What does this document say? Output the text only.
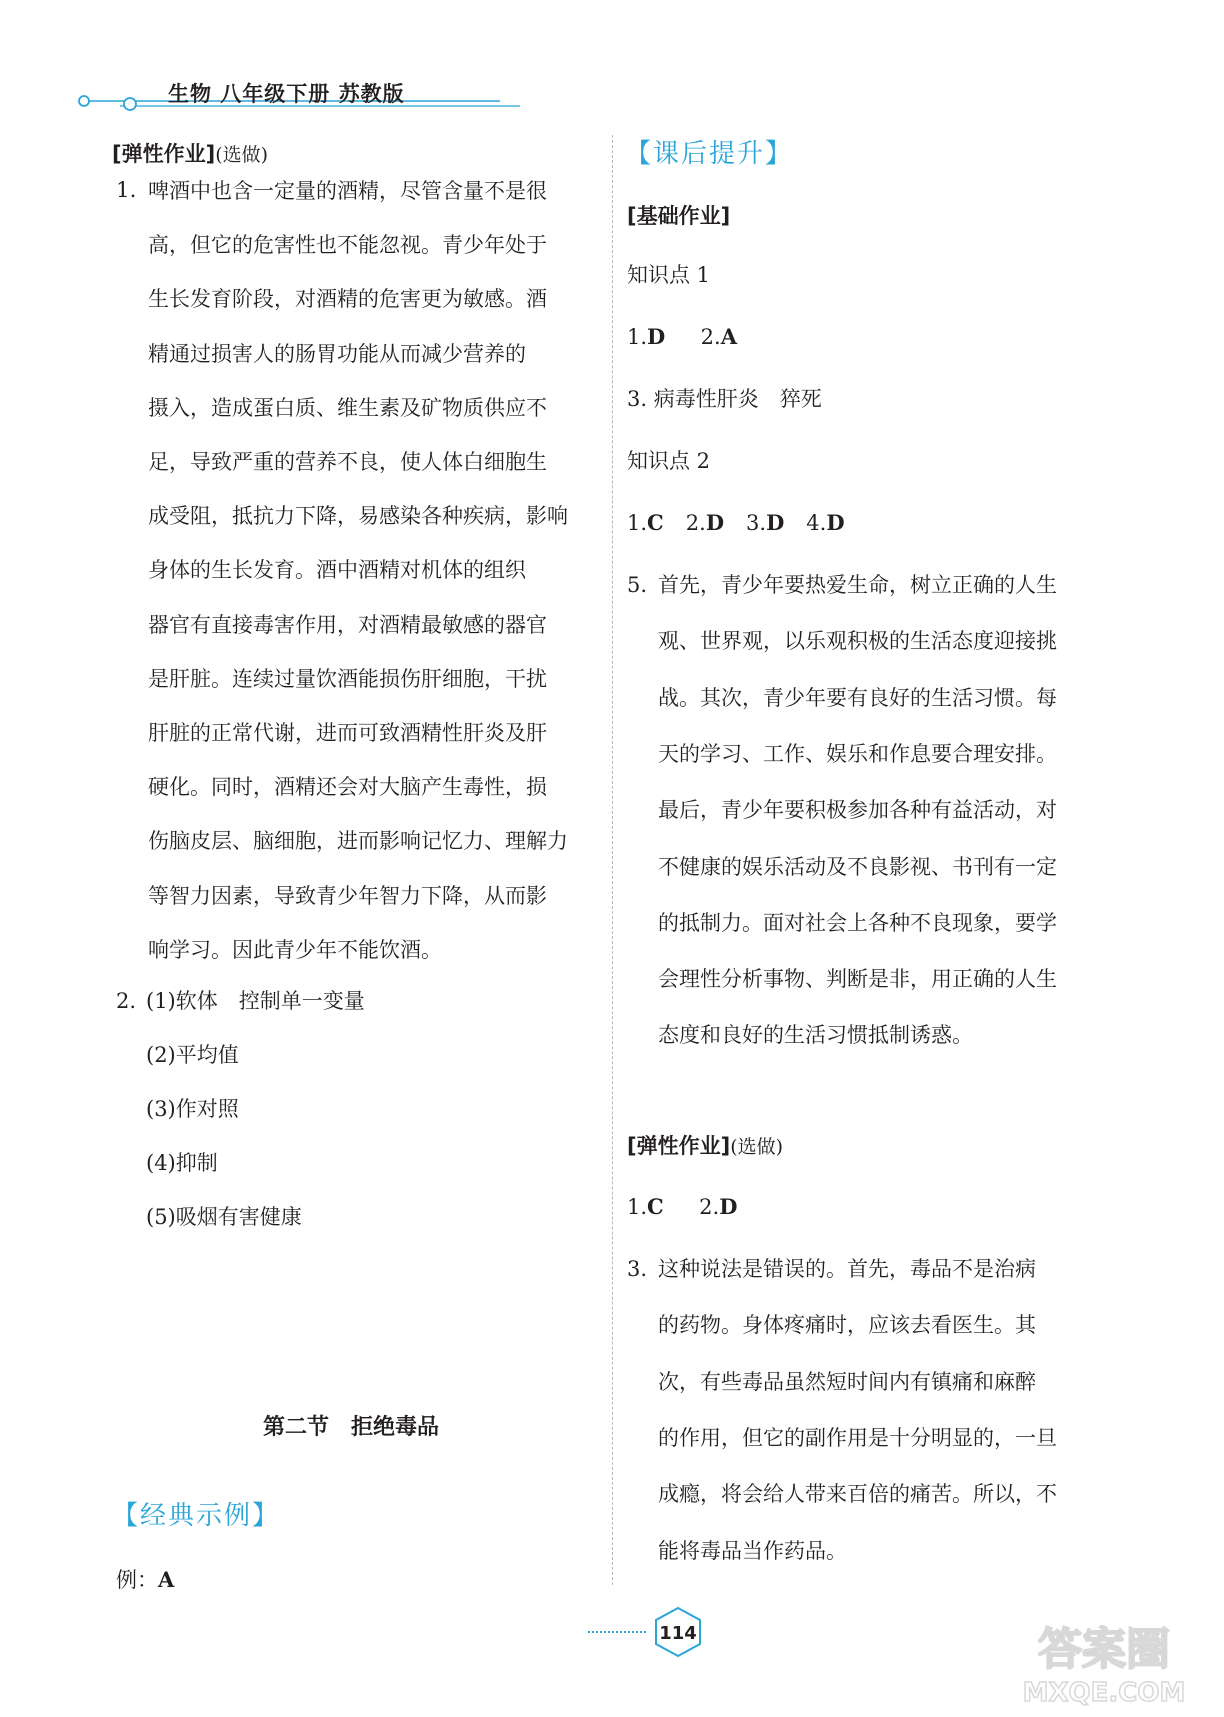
生物 八年级下册 苏教版
[弹性作业](选做)
1. 啤酒中也含一定量的酒精，尽管含量不是很
高，但它的危害性也不能忽视。青少年处于
生长发育阶段，对酒精的危害更为敏感。酒
精通过损害人的肠胃功能从而减少营养的
摄入，造成蛋白质、维生素及矿物质供应不
足，导致严重的营养不良，使人体白细胞生
成受阻，抵抗力下降，易感染各种疾病，影响
身体的生长发育。酒中酒精对机体的组织
器官有直接毒害作用，对酒精最敏感的器官
是肝脏。连续过量饮酒能损伤肝细胞，干扰
肝脏的正常代谢，进而可致酒精性肝炎及肝
硬化。同时，酒精还会对大脑产生毒性，损
伤脑皮层、脑细胞，进而影响记忆力、理解力
等智力因素，导致青少年智力下降，从而影
响学习。因此青少年不能饮酒。
2. (1)软体　控制单一变量
(2)平均值
(3)作对照
(4)抑制
(5)吸烟有害健康
第二节　拒绝毒品
【经典示例】
例：A
【课后提升】
[基础作业]
知识点 1
1.D 2.A
3. 病毒性肝炎　猝死
知识点 2
1.C 2.D 3.D 4.D
5. 首先，青少年要热爱生命，树立正确的人生
观、世界观，以乐观积极的生活态度迎接挑
战。其次，青少年要有良好的生活习惯。每
天的学习、工作、娱乐和作息要合理安排。
最后，青少年要积极参加各种有益活动，对
不健康的娱乐活动及不良影视、书刊有一定
的抵制力。面对社会上各种不良现象，要学
会理性分析事物、判断是非，用正确的人生
态度和良好的生活习惯抵制诱惑。
[弹性作业](选做)
1.C 2.D
3. 这种说法是错误的。首先，毒品不是治病
的药物。身体疼痛时，应该去看医生。其
次，有些毒品虽然短时间内有镇痛和麻醉
的作用，但它的副作用是十分明显的，一旦
成瘾，将会给人带来百倍的痛苦。所以，不
能将毒品当作药品。
114	答案圈
MXQE.COM
